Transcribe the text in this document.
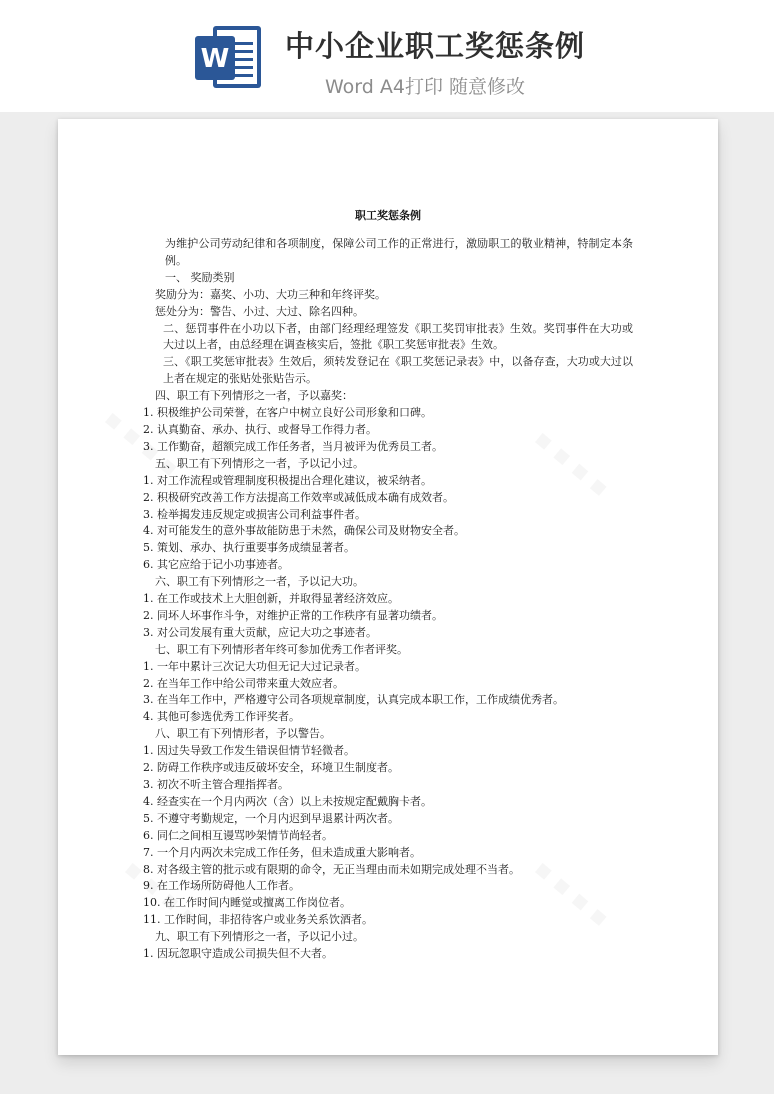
W 中小企业职工奖惩条例
Word A4打印 随意修改
职工奖惩条例

为维护公司劳动纪律和各项制度，保障公司工作的正常进行，激励职工的敬业精神，特制定本条例。

一、 奖励类别

奖励分为：嘉奖、小功、大功三种和年终评奖。

惩处分为：警告、小过、大过、除名四种。

二、惩罚事件在小功以下者，由部门经理经理签发《职工奖罚审批表》生效。奖罚事件在大功或大过以上者，由总经理在调查核实后，签批《职工奖惩审批表》生效。

三、《职工奖惩审批表》生效后，须转发登记在《职工奖惩记录表》中，以备存查，大功或大过以上者在规定的张贴处张贴告示。

四、职工有下列情形之一者，予以嘉奖：

1. 积极维护公司荣誉，在客户中树立良好公司形象和口碑。

2. 认真勤奋、承办、执行、或督导工作得力者。

3. 工作勤奋，超额完成工作任务者，当月被评为优秀员工者。

五、职工有下列情形之一者，予以记小过。

1. 对工作流程或管理制度积极提出合理化建议，被采纳者。

2. 积极研究改善工作方法提高工作效率或减低成本确有成效者。

3. 检举揭发违反规定或损害公司利益事件者。

4. 对可能发生的意外事故能防患于未然，确保公司及财物安全者。

5. 策划、承办、执行重要事务成绩显著者。

6. 其它应给于记小功事迹者。

六、职工有下列情形之一者，予以记大功。

1. 在工作或技术上大胆创新，并取得显著经济效应。

2. 同坏人坏事作斗争，对维护正常的工作秩序有显著功绩者。

3. 对公司发展有重大贡献，应记大功之事迹者。

七、职工有下列情形者年终可参加优秀工作者评奖。

1. 一年中累计三次记大功但无记大过记录者。

2. 在当年工作中给公司带来重大效应者。

3. 在当年工作中，严格遵守公司各项规章制度，认真完成本职工作，工作成绩优秀者。

4. 其他可参选优秀工作评奖者。

八、职工有下列情形者，予以警告。

1. 因过失导致工作发生错误但情节轻微者。

2. 防碍工作秩序或违反破坏安全，环境卫生制度者。

3. 初次不听主管合理指挥者。

4. 经查实在一个月内两次（含）以上未按规定配戴胸卡者。

5. 不遵守考勤规定，一个月内迟到早退累计两次者。

6. 同仁之间相互谩骂吵架情节尚轻者。

7. 一个月内两次未完成工作任务，但未造成重大影响者。

8. 对各级主管的批示或有限期的命令，无正当理由而未如期完成处理不当者。

9. 在工作场所防碍他人工作者。

10. 在工作时间内睡觉或擅离工作岗位者。

11. 工作时间，非招待客户或业务关系饮酒者。

九、职工有下列情形之一者，予以记小过。

1. 因玩忽职守造成公司损失但不大者。
